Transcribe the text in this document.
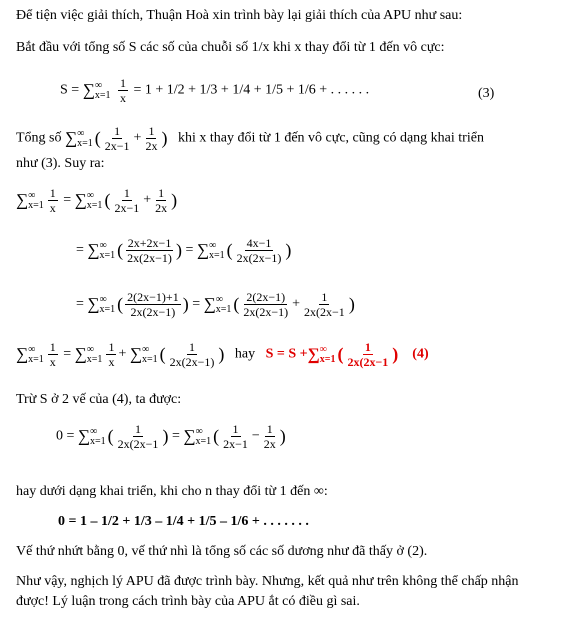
Để tiện việc giải thích, Thuận Hoà xin trình bày lại giải thích của APU như sau:
Bắt đầu với tổng số S các số của chuỗi số 1/x khi x thay đổi từ 1 đến vô cực:
S = ∑ ∞
x=1
$\frac{1}{x} = 1 + 1/2 + 1/3 + 1/4 + 1/5 + 1/6$ + . . . . . .	(3)
Tổng số ∑ ∞
x=1 ( $\frac{1}{2x-1} + \frac{1}{2x}$ ) khi x thay đổi từ 1 đến vô cực, cũng có dạng khai triển
như (3). Suy ra:
∑ ∞
$x=1 \frac{1}{x}$ = ∑ ∞
x=1 ( $\frac{1}{2x-1} + \frac{1}{2x}$ )
= ∑ ∞
x=1 ( $\frac{2x+2x-1}{2x(2x-1)}$ ) = ∑ ∞
x=1 ( $\frac{4x-1}{2x(2x-1)}$ )
= ∑ ∞
x=1 ( $\frac{2(2x-1)+1}{2x(2x-1)}$ ) = ∑ ∞
x=1 ( $\frac{2(2x-1)}{2x(2x-1)} + \frac{1}{2x(2x-1}$ )
∑ ∞
$x=1 \frac{1}{x}$ = ∑ ∞
$x=1 \frac{1}{x}$ + ∑ ∞
x=1 ( $\frac{1}{2x(2x-1)}$ ) hay S = S +∑ ∞
x=1 ( $\frac{1}{2x(2x-1}$ ) (4)
Trừ S ở 2 vế của (4), ta được:
0 = ∑ ∞
x=1 ( $\frac{1}{2x(2x-1}$ ) = ∑ ∞
x=1 ( $\frac{1}{2x-1} - \frac{1}{2x}$ )
hay dưới dạng khai triển, khi cho n thay đổi từ 1 đến ∞:
0 = 1 – 1/2 + 1/3 – 1/4 + 1/5 – 1/6 + . . . . . . .
Vế thứ nhứt bằng 0, vế thứ nhì là tổng số các số dương như đã thấy ở (2).
Như vậy, nghịch lý APU đã được trình bày. Nhưng, kết quả như trên không thể chấp nhận
được! Lý luận trong cách trình bày của APU ắt có điều gì sai.
